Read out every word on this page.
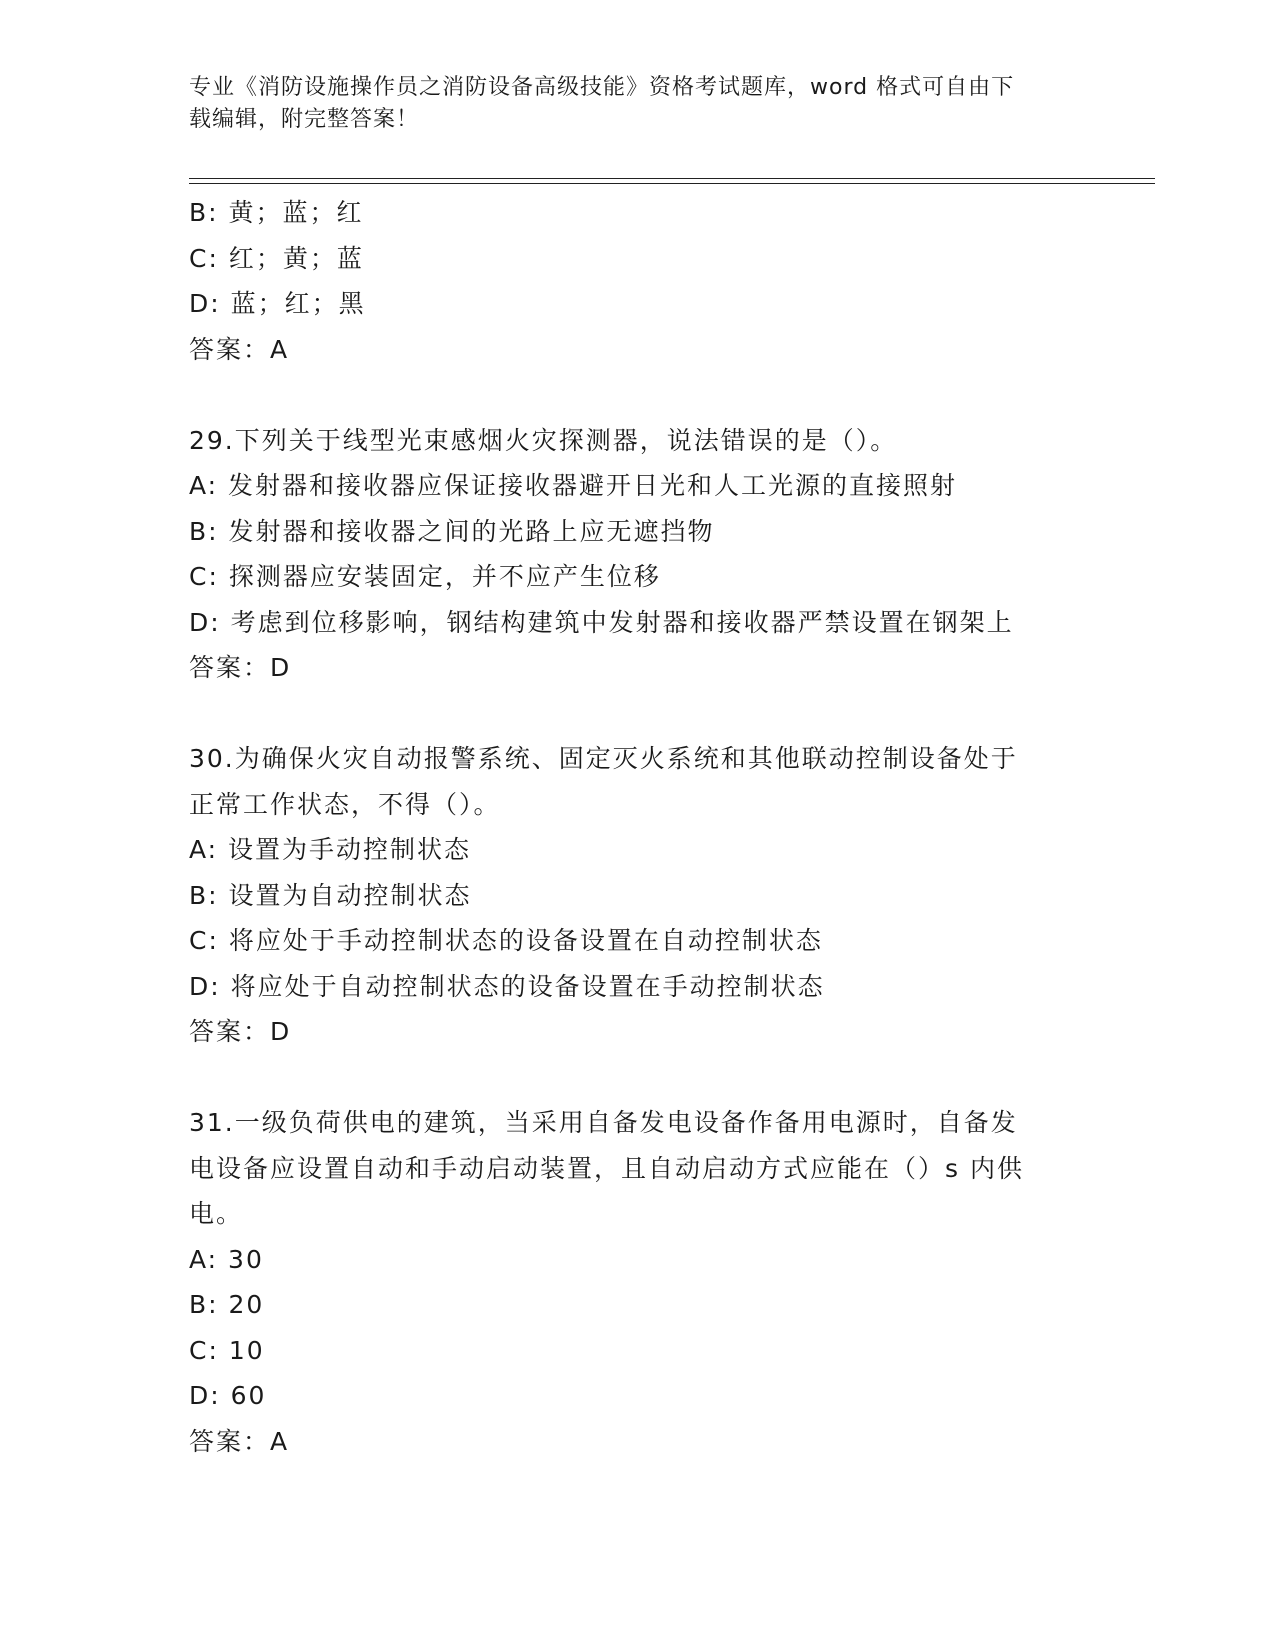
专业《消防设施操作员之消防设备高级技能》资格考试题库，word 格式可自由下
载编辑，附完整答案！
B: 黄；蓝；红
C: 红；黄；蓝
D: 蓝；红；黑
答案：A
29.下列关于线型光束感烟火灾探测器，说法错误的是（）。
A: 发射器和接收器应保证接收器避开日光和人工光源的直接照射
B: 发射器和接收器之间的光路上应无遮挡物
C: 探测器应安装固定，并不应产生位移
D: 考虑到位移影响，钢结构建筑中发射器和接收器严禁设置在钢架上
答案：D
30.为确保火灾自动报警系统、固定灭火系统和其他联动控制设备处于
正常工作状态，不得（）。
A: 设置为手动控制状态
B: 设置为自动控制状态
C: 将应处于手动控制状态的设备设置在自动控制状态
D: 将应处于自动控制状态的设备设置在手动控制状态
答案：D
31.一级负荷供电的建筑，当采用自备发电设备作备用电源时，自备发
电设备应设置自动和手动启动装置，且自动启动方式应能在（）s 内供
电。
A: 30
B: 20
C: 10
D: 60
答案：A
